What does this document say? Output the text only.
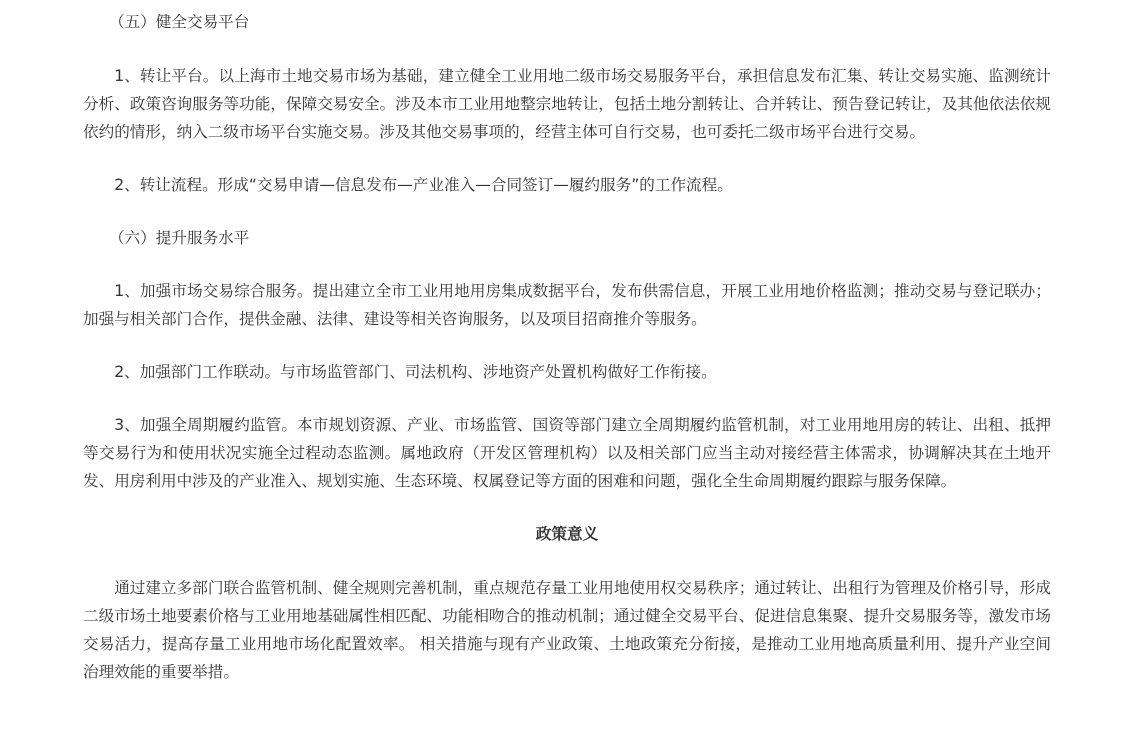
（五）健全交易平台

1、转让平台。以上海市土地交易市场为基础，建立健全工业用地二级市场交易服务平台，承担信息发布汇集、转让交易实施、监测统计分析、政策咨询服务等功能，保障交易安全。涉及本市工业用地整宗地转让，包括土地分割转让、合并转让、预告登记转让，及其他依法依规依约的情形，纳入二级市场平台实施交易。涉及其他交易事项的，经营主体可自行交易，也可委托二级市场平台进行交易。

2、转让流程。形成“交易申请—信息发布—产业准入—合同签订—履约服务”的工作流程。

（六）提升服务水平

1、加强市场交易综合服务。提出建立全市工业用地用房集成数据平台，发布供需信息，开展工业用地价格监测；推动交易与登记联办；加强与相关部门合作，提供金融、法律、建设等相关咨询服务，以及项目招商推介等服务。

2、加强部门工作联动。与市场监管部门、司法机构、涉地资产处置机构做好工作衔接。

3、加强全周期履约监管。本市规划资源、产业、市场监管、国资等部门建立全周期履约监管机制，对工业用地用房的转让、出租、抵押等交易行为和使用状况实施全过程动态监测。属地政府（开发区管理机构）以及相关部门应当主动对接经营主体需求，协调解决其在土地开发、用房利用中涉及的产业准入、规划实施、生态环境、权属登记等方面的困难和问题，强化全生命周期履约跟踪与服务保障。

政策意义

通过建立多部门联合监管机制、健全规则完善机制，重点规范存量工业用地使用权交易秩序；通过转让、出租行为管理及价格引导，形成二级市场土地要素价格与工业用地基础属性相匹配、功能相吻合的推动机制；通过健全交易平台、促进信息集聚、提升交易服务等，激发市场交易活力，提高存量工业用地市场化配置效率。 相关措施与现有产业政策、土地政策充分衔接，是推动工业用地高质量利用、提升产业空间治理效能的重要举措。
